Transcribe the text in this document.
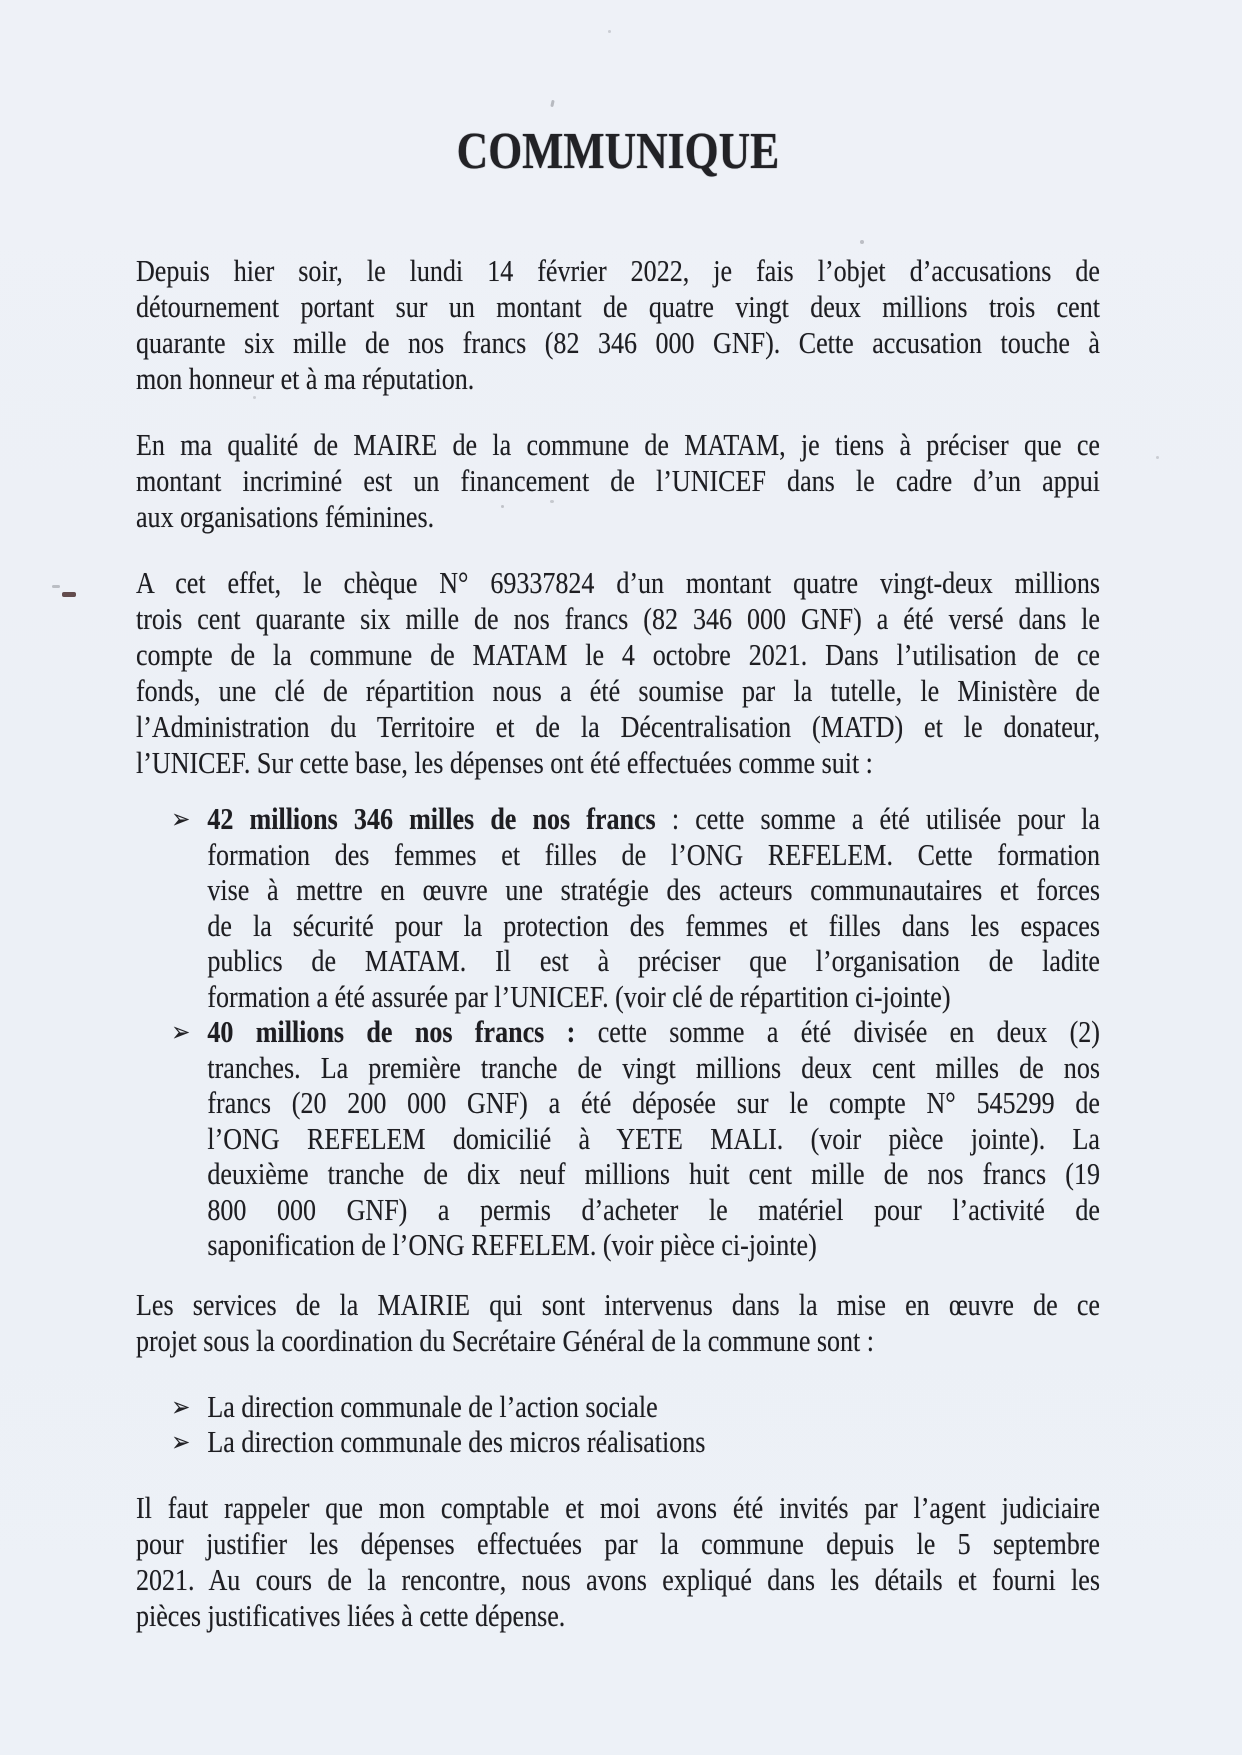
COMMUNIQUE
Depuis hier soir, le lundi 14 février 2022, je fais l’objet d’accusations de
détournement portant sur un montant de quatre vingt deux millions trois cent
quarante six mille de nos francs (82 346 000 GNF). Cette accusation touche à
mon honneur et à ma réputation.
En ma qualité de MAIRE de la commune de MATAM, je tiens à préciser que ce
montant incriminé est un financement de l’UNICEF dans le cadre d’un appui
aux organisations féminines.
A cet effet, le chèque N° 69337824 d’un montant quatre vingt-deux millions
trois cent quarante six mille de nos francs (82 346 000 GNF) a été versé dans le
compte de la commune de MATAM le 4 octobre 2021. Dans l’utilisation de ce
fonds, une clé de répartition nous a été soumise par la tutelle, le Ministère de
l’Administration du Territoire et de la Décentralisation (MATD) et le donateur,
l’UNICEF. Sur cette base, les dépenses ont été effectuées comme suit :
➢ 42 millions 346 milles de nos francs : cette somme a été utilisée pour la
formation des femmes et filles de l’ONG REFELEM. Cette formation
vise à mettre en œuvre une stratégie des acteurs communautaires et forces
de la sécurité pour la protection des femmes et filles dans les espaces
publics de MATAM. Il est à préciser que l’organisation de ladite
formation a été assurée par l’UNICEF. (voir clé de répartition ci-jointe)
➢ 40 millions de nos francs : cette somme a été divisée en deux (2)
tranches. La première tranche de vingt millions deux cent milles de nos
francs (20 200 000 GNF) a été déposée sur le compte N° 545299 de
l’ONG REFELEM domicilié à YETE MALI. (voir pièce jointe). La
deuxième tranche de dix neuf millions huit cent mille de nos francs (19
800 000 GNF) a permis d’acheter le matériel pour l’activité de
saponification de l’ONG REFELEM. (voir pièce ci-jointe)
Les services de la MAIRIE qui sont intervenus dans la mise en œuvre de ce
projet sous la coordination du Secrétaire Général de la commune sont :
➢ La direction communale de l’action sociale
➢ La direction communale des micros réalisations
Il faut rappeler que mon comptable et moi avons été invités par l’agent judiciaire
pour justifier les dépenses effectuées par la commune depuis le 5 septembre
2021. Au cours de la rencontre, nous avons expliqué dans les détails et fourni les
pièces justificatives liées à cette dépense.
